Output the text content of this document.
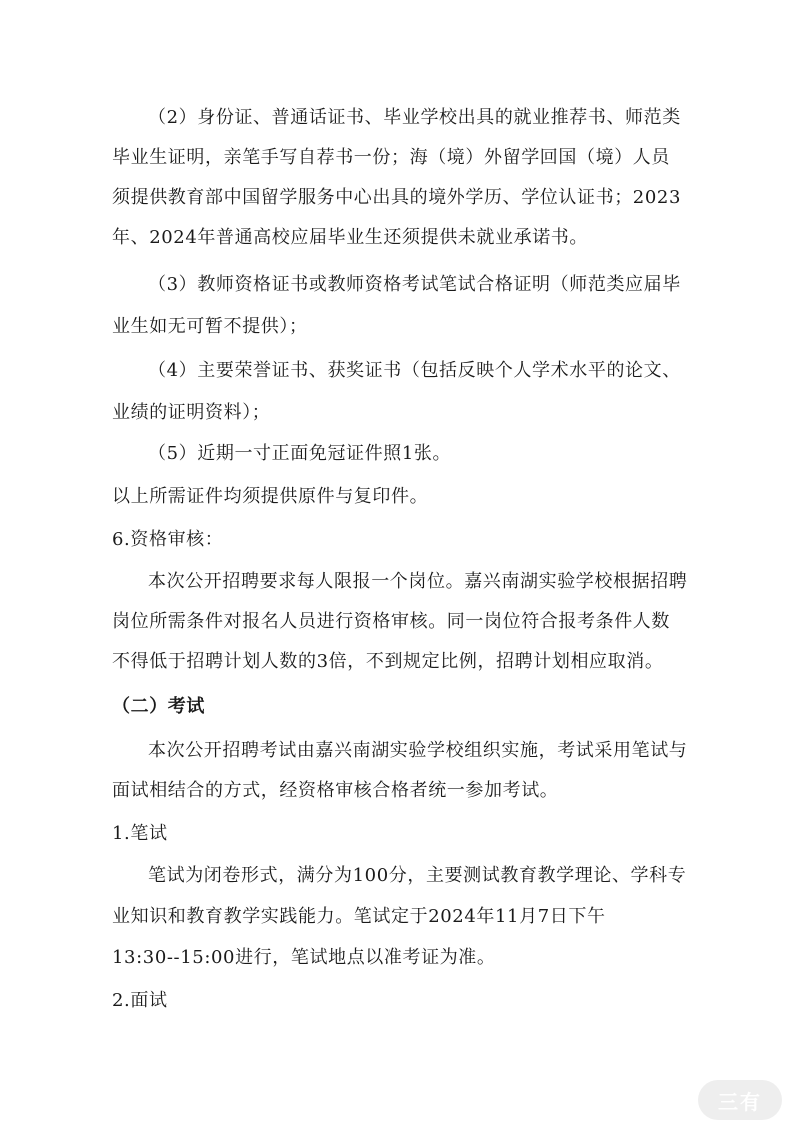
（2）身份证、普通话证书、毕业学校出具的就业推荐书、师范类

毕业生证明，亲笔手写自荐书一份；海（境）外留学回国（境）人员

须提供教育部中国留学服务中心出具的境外学历、学位认证书；2023

年、2024年普通高校应届毕业生还须提供未就业承诺书。

（3）教师资格证书或教师资格考试笔试合格证明（师范类应届毕

业生如无可暂不提供）；

（4）主要荣誉证书、获奖证书（包括反映个人学术水平的论文、

业绩的证明资料）；

（5）近期一寸正面免冠证件照1张。

以上所需证件均须提供原件与复印件。

6.资格审核：

本次公开招聘要求每人限报一个岗位。嘉兴南湖实验学校根据招聘

岗位所需条件对报名人员进行资格审核。同一岗位符合报考条件人数

不得低于招聘计划人数的3倍，不到规定比例，招聘计划相应取消。

（二）考试

本次公开招聘考试由嘉兴南湖实验学校组织实施，考试采用笔试与

面试相结合的方式，经资格审核合格者统一参加考试。

1.笔试

笔试为闭卷形式，满分为100分，主要测试教育教学理论、学科专

业知识和教育教学实践能力。笔试定于2024年11月7日下午

13:30--15:00进行，笔试地点以准考证为准。

2.面试

三有
